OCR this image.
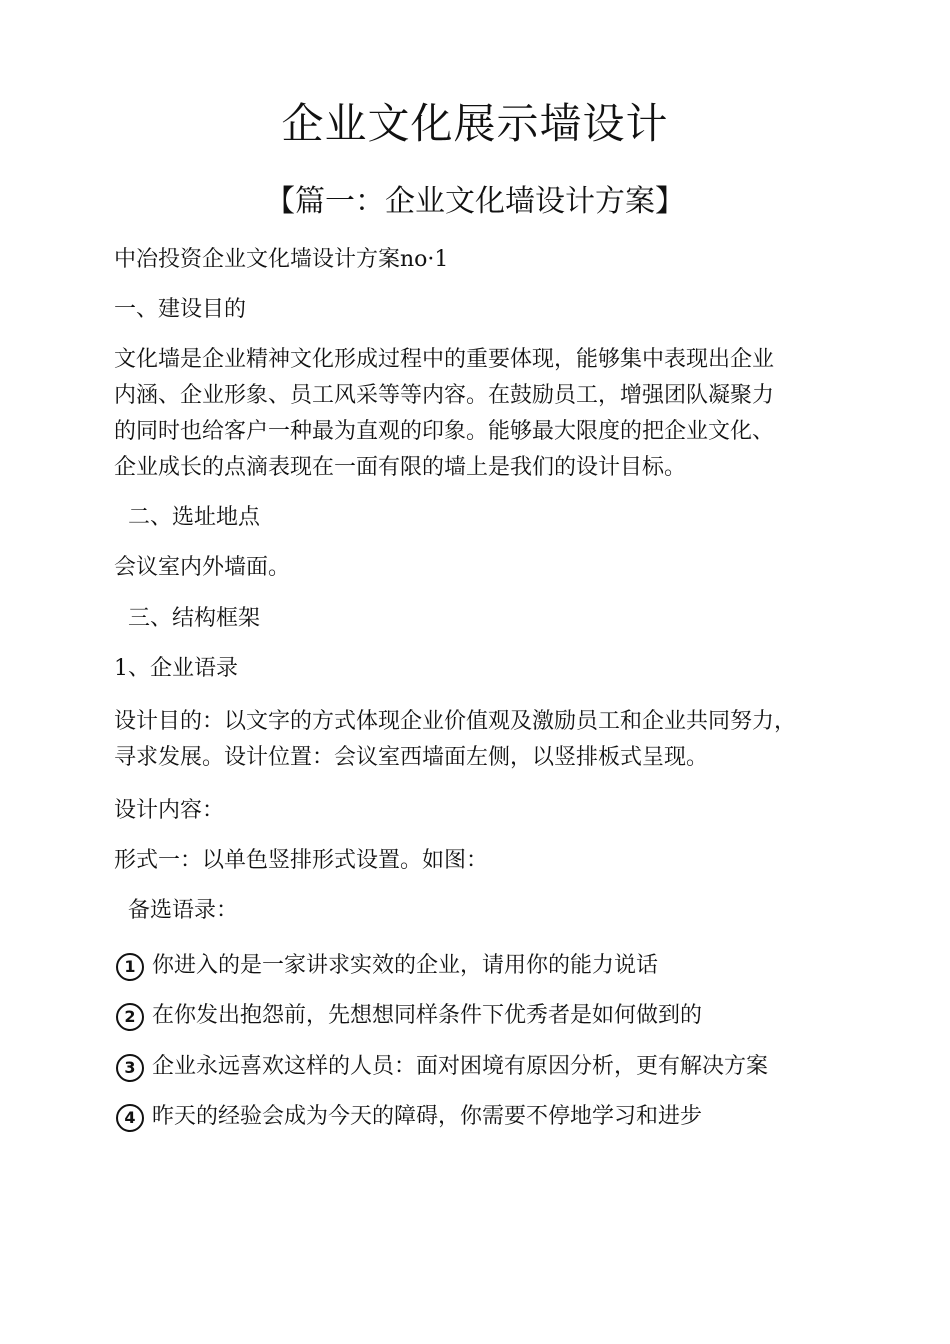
企业文化展示墙设计
【篇一：企业文化墙设计方案】
中冶投资企业文化墙设计方案no·1
一、建设目的
文化墙是企业精神文化形成过程中的重要体现，能够集中表现出企业
内涵、企业形象、员工风采等等内容。在鼓励员工，增强团队凝聚力
的同时也给客户一种最为直观的印象。能够最大限度的把企业文化、
企业成长的点滴表现在一面有限的墙上是我们的设计目标。
二、选址地点
会议室内外墙面。
三、结构框架
1、企业语录
设计目的：以文字的方式体现企业价值观及激励员工和企业共同努力，
寻求发展。设计位置：会议室西墙面左侧，以竖排板式呈现。
设计内容：
形式一：以单色竖排形式设置。如图：
备选语录：
1 你进入的是一家讲求实效的企业，请用你的能力说话
2 在你发出抱怨前，先想想同样条件下优秀者是如何做到的
3 企业永远喜欢这样的人员：面对困境有原因分析，更有解决方案
4 昨天的经验会成为今天的障碍，你需要不停地学习和进步
